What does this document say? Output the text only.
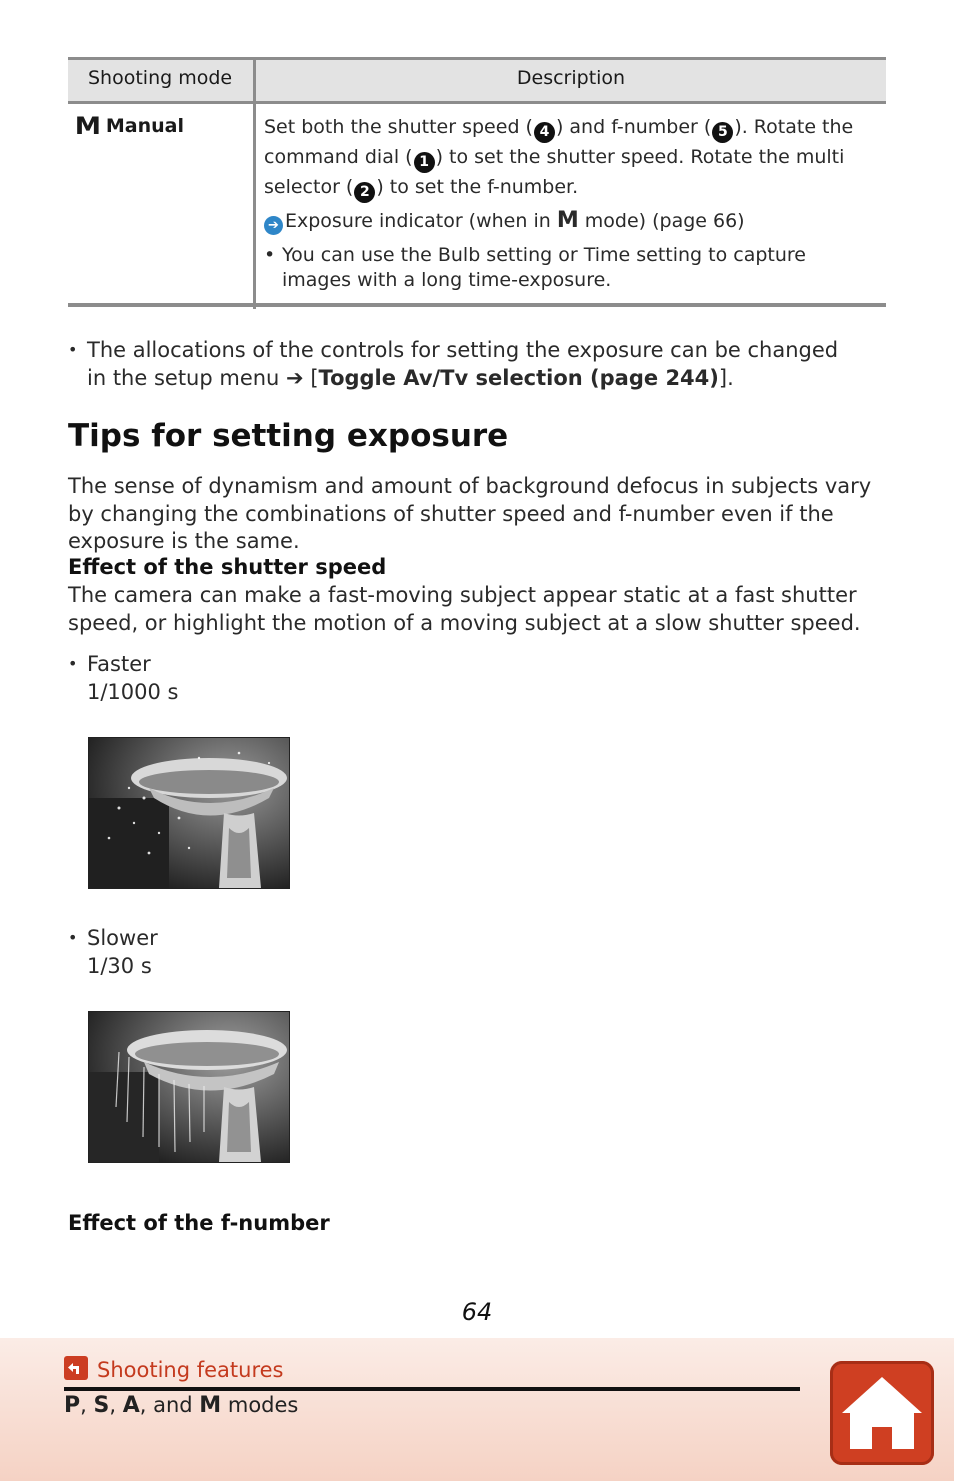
Shooting mode	Description
M Manual	Set both the shutter speed ( 4 ) and f-number ( 5 ). Rotate the command dial ( 1 ) to set the shutter speed. Rotate the multi selector ( 2 ) to set the f-number.
➔ Exposure indicator (when in M mode) (page 66)
• You can use the Bulb setting or Time setting to capture images with a long time-exposure.
• The allocations of the controls for setting the exposure can be changed in the setup menu ➔ [Toggle Av/Tv selection (page 244)].
Tips for setting exposure
The sense of dynamism and amount of background defocus in subjects vary by changing the combinations of shutter speed and f-number even if the exposure is the same.
Effect of the shutter speed
The camera can make a fast-moving subject appear static at a fast shutter speed, or highlight the motion of a moving subject at a slow shutter speed.
• Faster
1/1000 s
• Slower
1/30 s
Effect of the f-number
64
Shooting features
P, S, A, and M modes
